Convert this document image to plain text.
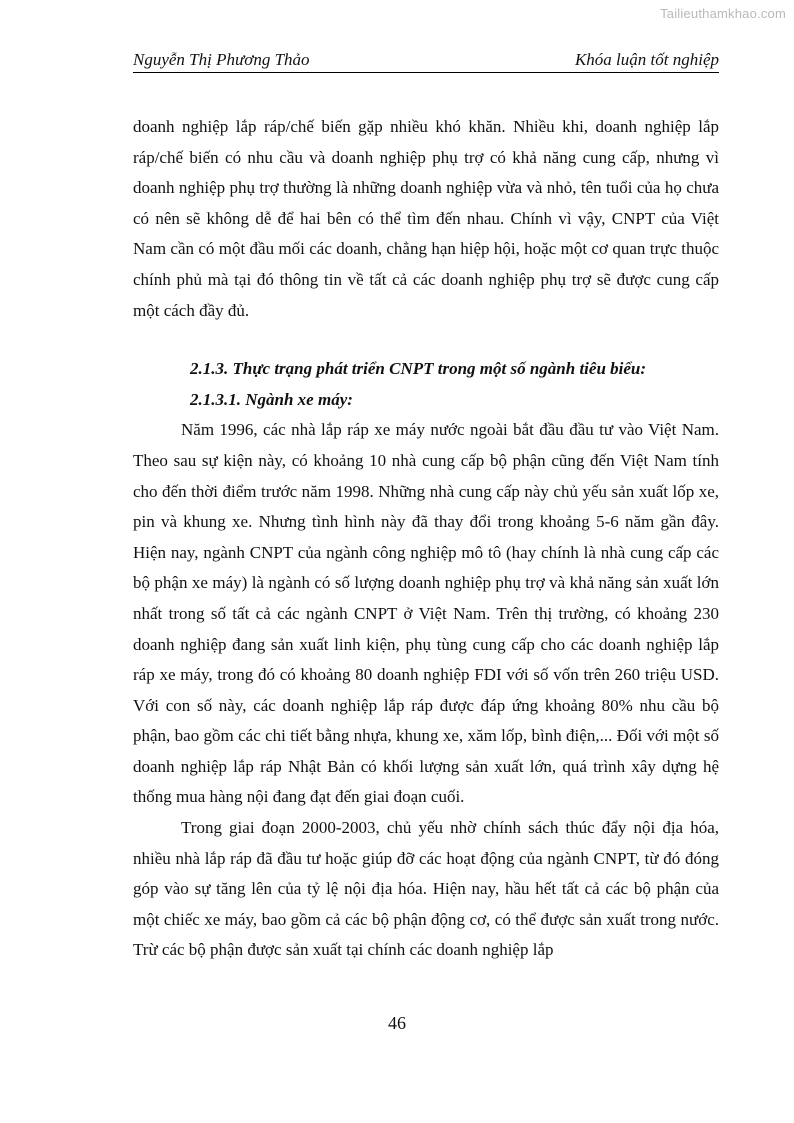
Tailieuthamkhao.com
Nguyễn Thị Phương Thảo	Khóa luận tốt nghiệp

doanh nghiệp lắp ráp/chế biến gặp nhiều khó khăn. Nhiều khi, doanh nghiệp lắp ráp/chế biến có nhu cầu và doanh nghiệp phụ trợ có khả năng cung cấp, nhưng vì doanh nghiệp phụ trợ thường là những doanh nghiệp vừa và nhỏ, tên tuổi của họ chưa có nên sẽ không dễ để hai bên có thể tìm đến nhau. Chính vì vậy, CNPT của Việt Nam cần có một đầu mối các doanh, chẳng hạn hiệp hội, hoặc một cơ quan trực thuộc chính phủ mà tại đó thông tin về tất cả các doanh nghiệp phụ trợ sẽ được cung cấp một cách đầy đủ.

2.1.3. Thực trạng phát triển CNPT trong một số ngành tiêu biểu:

2.1.3.1. Ngành xe máy:

Năm 1996, các nhà lắp ráp xe máy nước ngoài bắt đầu đầu tư vào Việt Nam. Theo sau sự kiện này, có khoảng 10 nhà cung cấp bộ phận cũng đến Việt Nam tính cho đến thời điểm trước năm 1998. Những nhà cung cấp này chủ yếu sản xuất lốp xe, pin và khung xe. Nhưng tình hình này đã thay đổi trong khoảng 5-6 năm gần đây. Hiện nay, ngành CNPT của ngành công nghiệp mô tô (hay chính là nhà cung cấp các bộ phận xe máy) là ngành có số lượng doanh nghiệp phụ trợ và khả năng sản xuất lớn nhất trong số tất cả các ngành CNPT ở Việt Nam. Trên thị trường, có khoảng 230 doanh nghiệp đang sản xuất linh kiện, phụ tùng cung cấp cho các doanh nghiệp lắp ráp xe máy, trong đó có khoảng 80 doanh nghiệp FDI với số vốn trên 260 triệu USD. Với con số này, các doanh nghiệp lắp ráp được đáp ứng khoảng 80% nhu cầu bộ phận, bao gồm các chi tiết bằng nhựa, khung xe, xăm lốp, bình điện,... Đối với một số doanh nghiệp lắp ráp Nhật Bản có khối lượng sản xuất lớn, quá trình xây dựng hệ thống mua hàng nội đang đạt đến giai đoạn cuối.

Trong giai đoạn 2000-2003, chủ yếu nhờ chính sách thúc đẩy nội địa hóa, nhiều nhà lắp ráp đã đầu tư hoặc giúp đỡ các hoạt động của ngành CNPT, từ đó đóng góp vào sự tăng lên của tỷ lệ nội địa hóa. Hiện nay, hầu hết tất cả các bộ phận của một chiếc xe máy, bao gồm cả các bộ phận động cơ, có thể được sản xuất trong nước. Trừ các bộ phận được sản xuất tại chính các doanh nghiệp lắp

46
